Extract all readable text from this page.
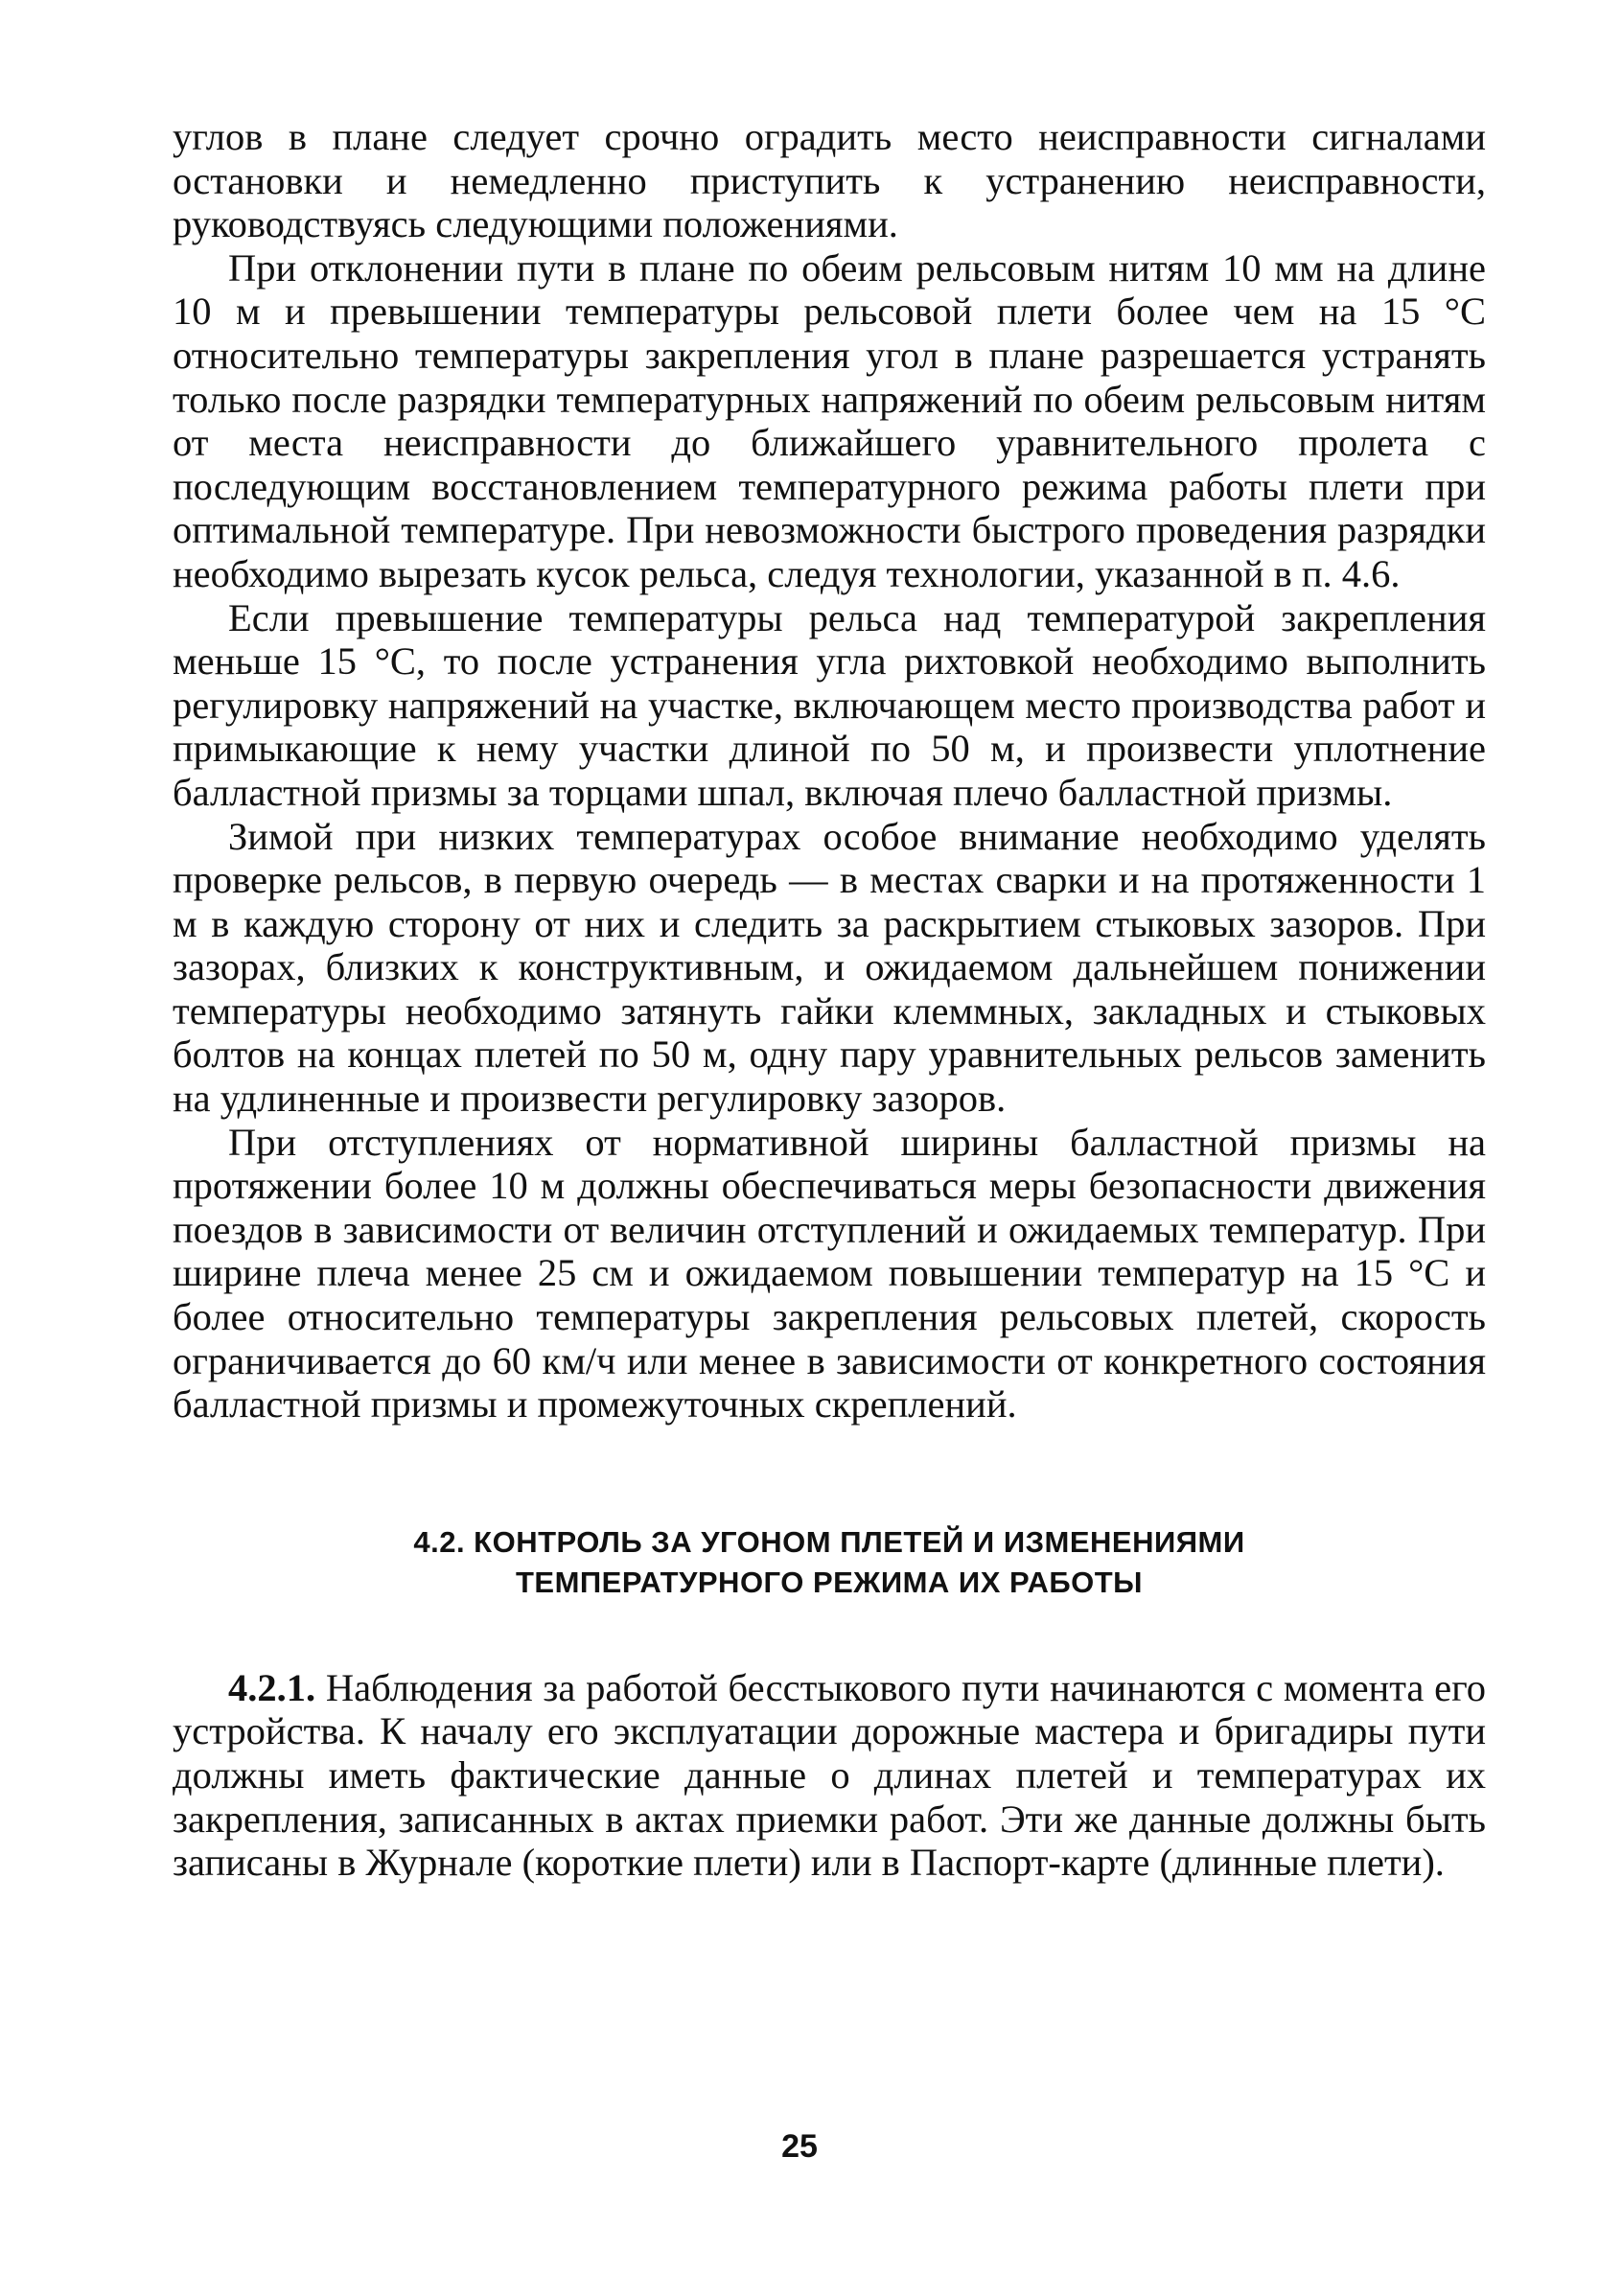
углов в плане следует срочно оградить место неисправности сигналами остановки и немедленно приступить к устранению неисправности, руководствуясь следующими положениями.

При отклонении пути в плане по обеим рельсовым нитям 10 мм на длине 10 м и превышении температуры рельсовой плети более чем на 15 °С относительно температуры закрепления угол в плане разрешается устранять только после разрядки температурных напряжений по обеим рельсовым нитям от места неисправности до ближайшего уравнительного пролета с последующим восстановлением температурного режима работы плети при оптимальной температуре. При невозможности быстрого проведения разрядки необходимо вырезать кусок рельса, следуя технологии, указанной в п. 4.6.

Если превышение температуры рельса над температурой закрепления меньше 15 °С, то после устранения угла рихтовкой необходимо выполнить регулировку напряжений на участке, включающем место производства работ и примыкающие к нему участки длиной по 50 м, и произвести уплотнение балластной призмы за торцами шпал, включая плечо балластной призмы.

Зимой при низких температурах особое внимание необходимо уделять проверке рельсов, в первую очередь — в местах сварки и на протяженности 1 м в каждую сторону от них и следить за раскрытием стыковых зазоров. При зазорах, близких к конструктивным, и ожидаемом дальнейшем понижении температуры необходимо затянуть гайки клеммных, закладных и стыковых болтов на концах плетей по 50 м, одну пару уравнительных рельсов заменить на удлиненные и произвести регулировку зазоров.

При отступлениях от нормативной ширины балластной призмы на протяжении более 10 м должны обеспечиваться меры безопасности движения поездов в зависимости от величин отступлений и ожидаемых температур. При ширине плеча менее 25 см и ожидаемом повышении температур на 15 °С и более относительно температуры закрепления рельсовых плетей, скорость ограничивается до 60 км/ч или менее в зависимости от конкретного состояния балластной призмы и промежуточных скреплений.

4.2. КОНТРОЛЬ ЗА УГОНОМ ПЛЕТЕЙ И ИЗМЕНЕНИЯМИ
ТЕМПЕРАТУРНОГО РЕЖИМА ИХ РАБОТЫ

4.2.1. Наблюдения за работой бесстыкового пути начинаются с момента его устройства. К началу его эксплуатации дорожные мастера и бригадиры пути должны иметь фактические данные о длинах плетей и температурах их закрепления, записанных в актах приемки работ. Эти же данные должны быть записаны в Журнале (короткие плети) или в Паспорт-карте (длинные плети).

25
